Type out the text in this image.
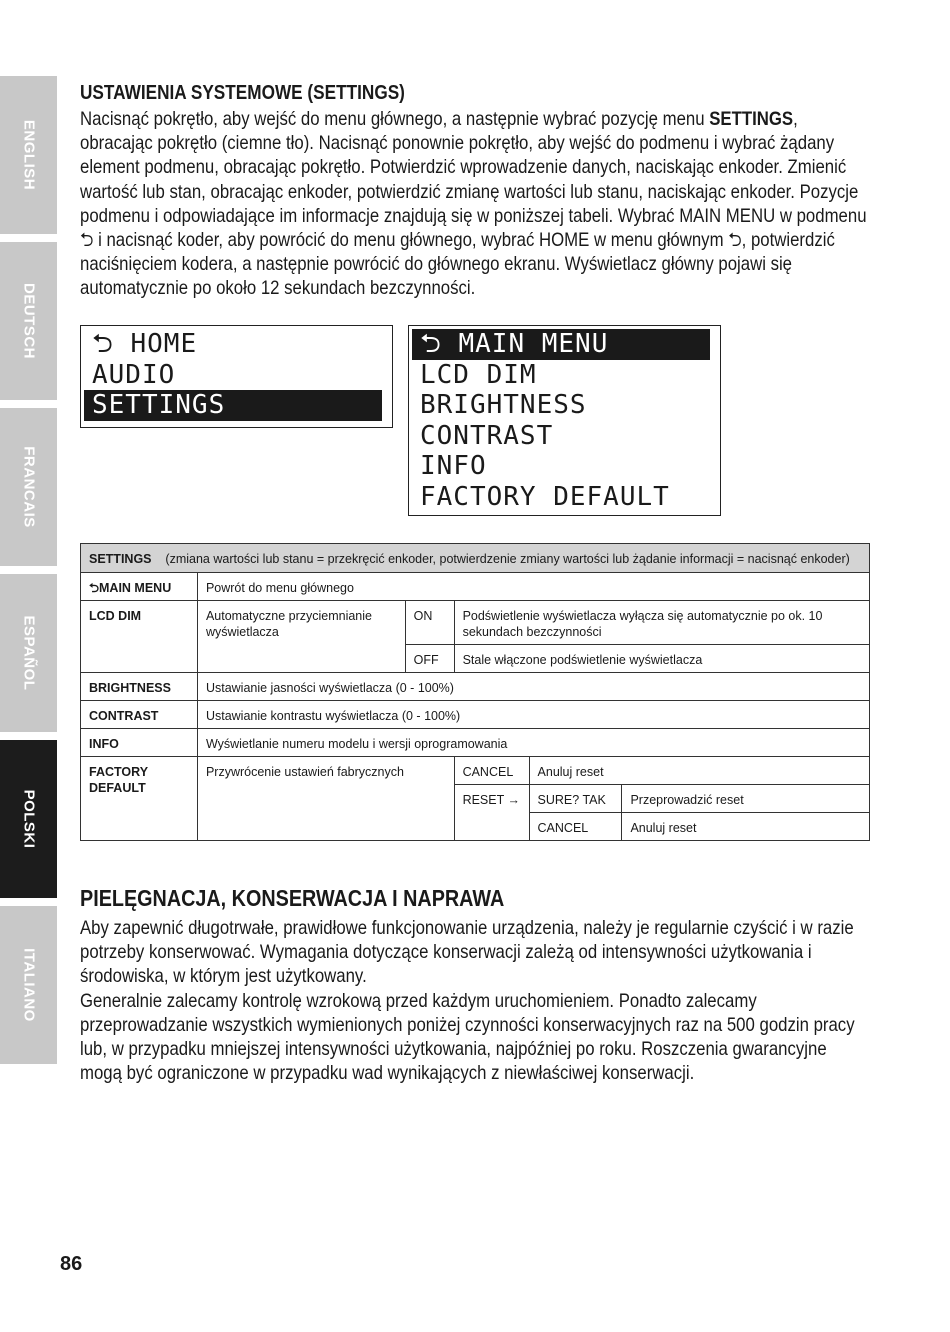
ENGLISH
DEUTSCH
FRANCAIS
ESPAÑOL
POLSKI
ITALIANO
USTAWIENIA SYSTEMOWE (SETTINGS)

Nacisnąć pokrętło, aby wejść do menu głównego, a następnie wybrać pozycję menu SETTINGS, obracając pokrętło (ciemne tło). Nacisnąć ponownie pokrętło, aby wejść do podmenu i wybrać żądany element podmenu, obracając pokrętło. Potwierdzić wprowadzenie danych, naciskając enkoder. Zmienić wartość lub stan, obracając enkoder, potwierdzić zmianę wartości lub stanu, naciskając enkoder. Pozycje podmenu i odpowiadające im informacje znajdują się w poniższej tabeli. Wybrać MAIN MENU w podmenu ⮌ i nacisnąć koder, aby powrócić do menu głównego, wybrać HOME w menu głównym ⮌, potwierdzić naciśnięciem kodera, a następnie powrócić do głównego ekranu. Wyświetlacz główny pojawi się automatycznie po około 12 sekundach bezczynności.

⮌ HOME
AUDIO
SETTINGS
⮌ MAIN MENU
LCD DIM
BRIGHTNESS
CONTRAST
INFO
FACTORY DEFAULT
SETTINGS (zmiana wartości lub stanu = przekręcić enkoder, potwierdzenie zmiany wartości lub żądanie informacji = nacisnąć enkoder)					
⮌MAIN MENU	Powrót do menu głównego				
LCD DIM	Automatyczne przyciemnianie wyświetlacza	ON	Podświetlenie wyświetlacza wyłącza się automatycznie po ok. 10 sekundach bezczynności		
		OFF	Stale włączone podświetlenie wyświetlacza		
BRIGHTNESS	Ustawianie jasności wyświetlacza (0 - 100%)				
CONTRAST	Ustawianie kontrastu wyświetlacza (0 - 100%)				
INFO	Wyświetlanie numeru modelu i wersji oprogramowania				
FACTORY DEFAULT	Przywrócenie ustawień fabrycznych		CANCEL	Anuluj reset	
			RESET →	SURE? TAK	Przeprowadzić reset
				CANCEL	Anuluj reset
PIELĘGNACJA, KONSERWACJA I NAPRAWA

Aby zapewnić długotrwałe, prawidłowe funkcjonowanie urządzenia, należy je regularnie czyścić i w razie potrzeby konserwować. Wymagania dotyczące konserwacji zależą od intensywności użytkowania i środowiska, w którym jest użytkowany.

Generalnie zalecamy kontrolę wzrokową przed każdym uruchomieniem. Ponadto zalecamy przeprowadzanie wszystkich wymienionych poniżej czynności konserwacyjnych raz na 500 godzin pracy lub, w przypadku mniejszej intensywności użytkowania, najpóźniej po roku. Roszczenia gwarancyjne mogą być ograniczone w przypadku wad wynikających z niewłaściwej konserwacji.

86
